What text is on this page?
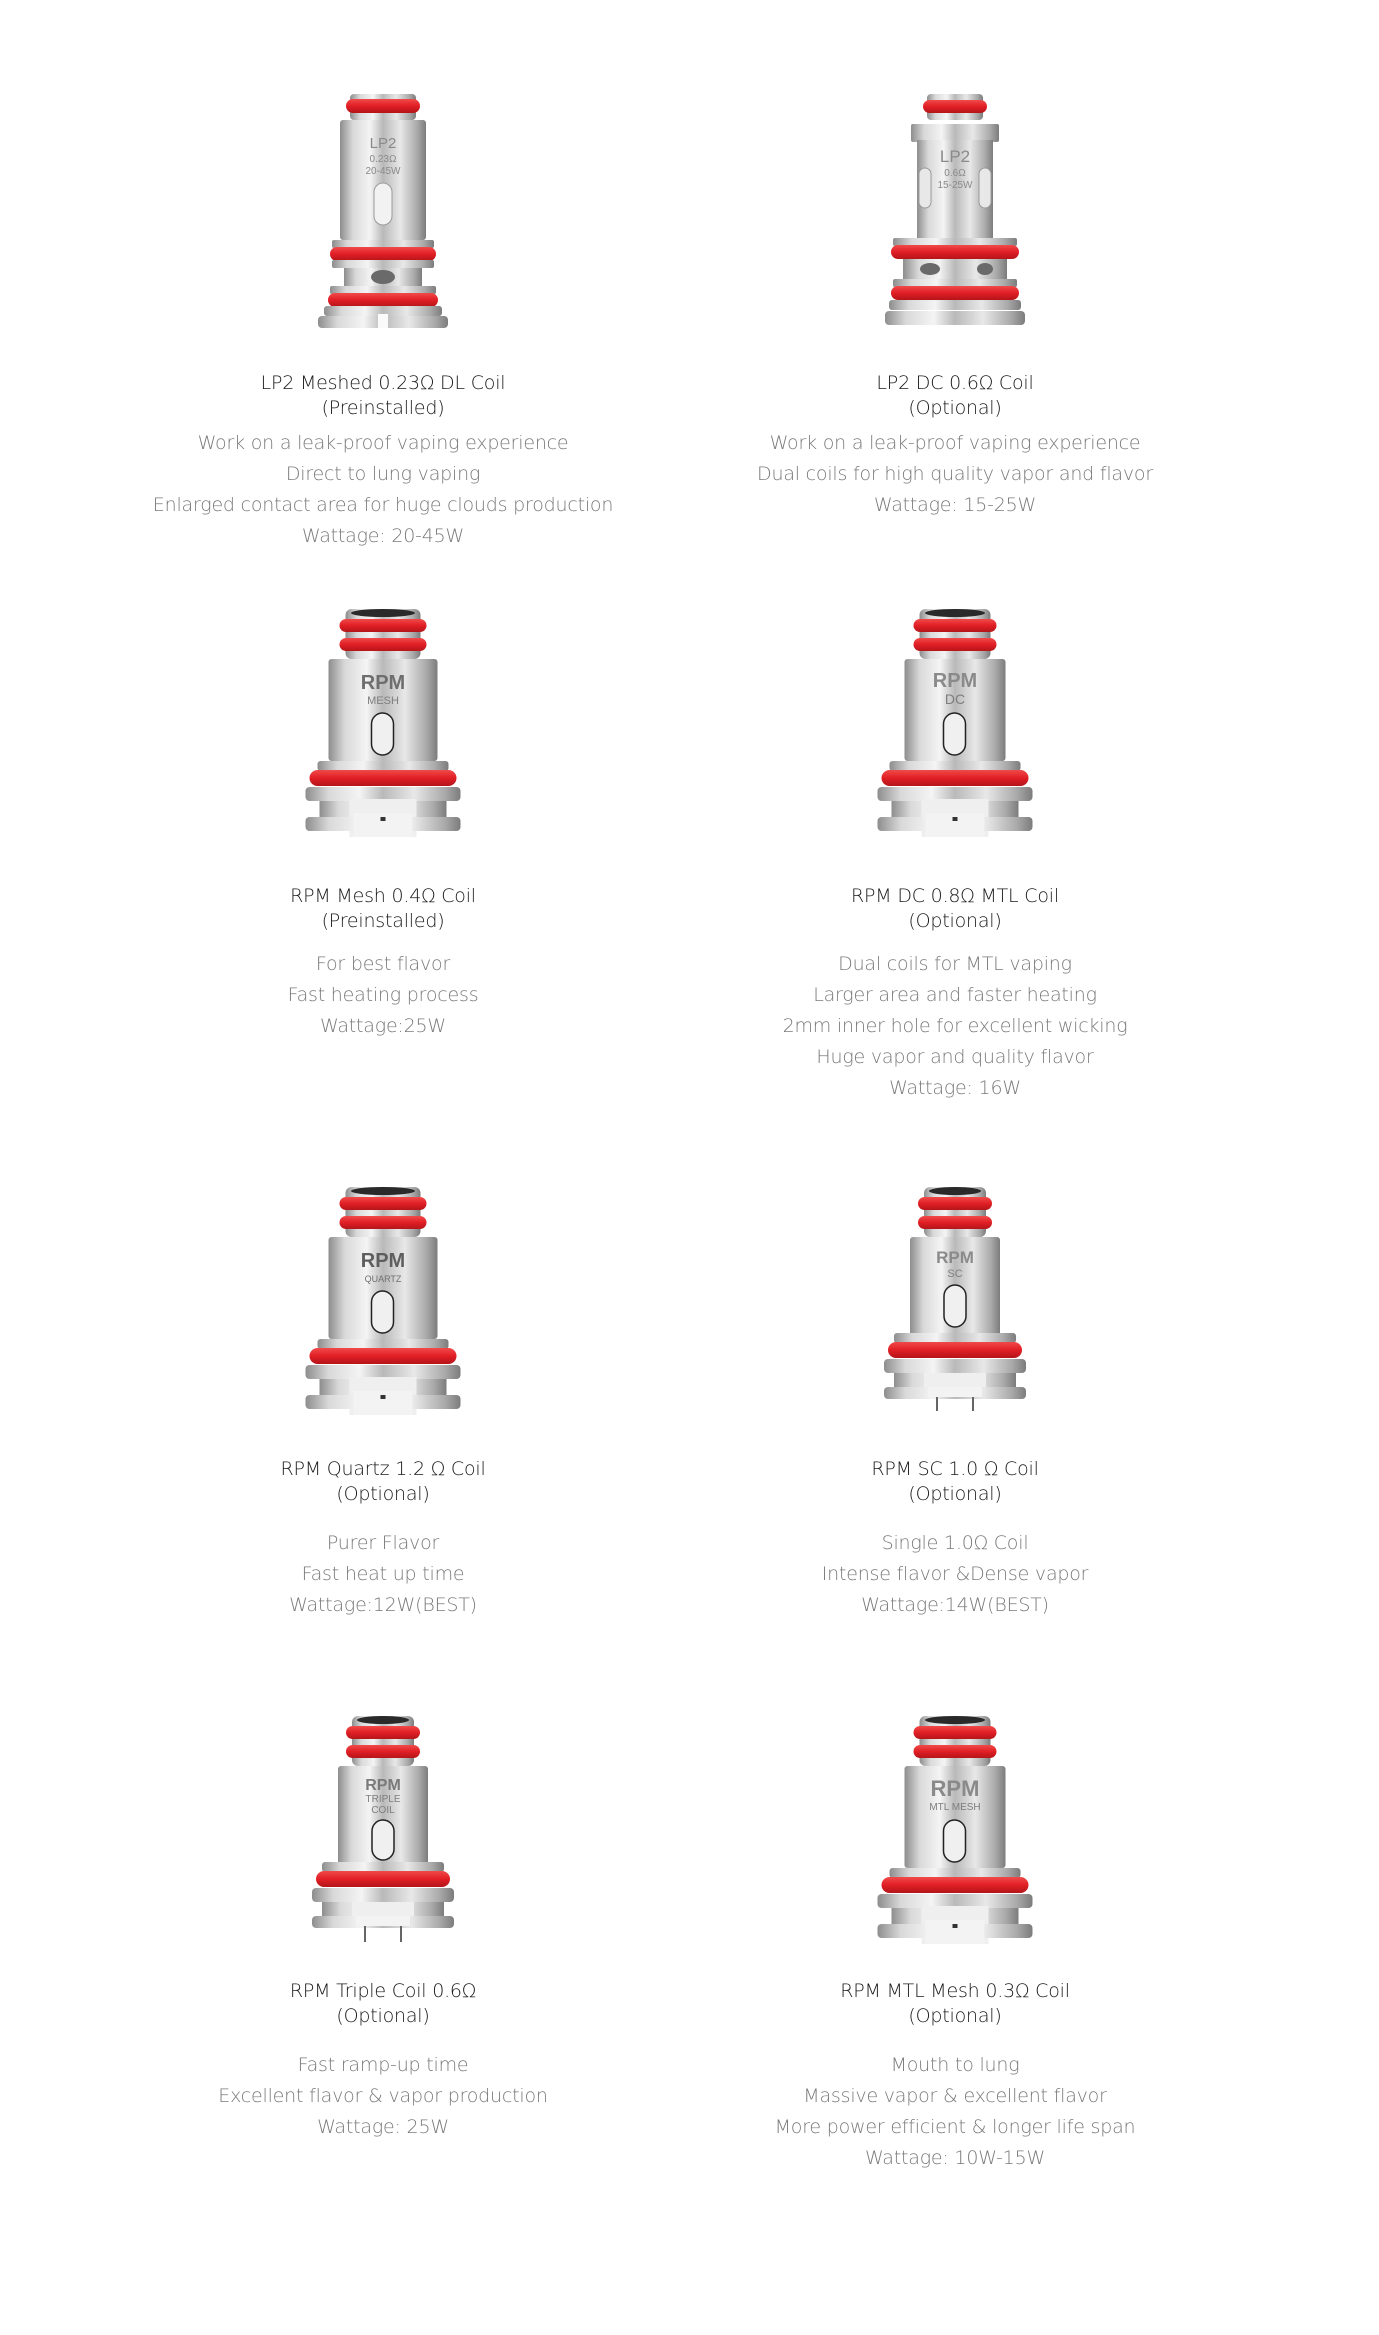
LP2
0.23Ω
20-45W
LP2 Meshed 0.23Ω DL Coil
(Preinstalled)
Work on a leak-proof vaping experience
Direct to lung vaping
Enlarged contact area for huge clouds production
Wattage: 20-45W
LP2
0.6Ω
15-25W
LP2 DC 0.6Ω Coil
(Optional)
Work on a leak-proof vaping experience
Dual coils for high quality vapor and flavor
Wattage: 15-25W
RPM
MESH
RPM Mesh 0.4Ω Coil
(Preinstalled)
For best flavor
Fast heating process
Wattage:25W
RPM
DC
RPM DC 0.8Ω MTL Coil
(Optional)
Dual coils for MTL vaping
Larger area and faster heating
2mm inner hole for excellent wicking
Huge vapor and quality flavor
Wattage: 16W
RPM
QUARTZ
RPM Quartz 1.2 Ω Coil
(Optional)
Purer Flavor
Fast heat up time
Wattage:12W(BEST)
RPM
SC
RPM SC 1.0 Ω Coil
(Optional)
Single 1.0Ω Coil
Intense flavor &Dense vapor
Wattage:14W(BEST)
RPM
TRIPLE
COIL
RPM Triple Coil 0.6Ω
(Optional)
Fast ramp-up time
Excellent flavor & vapor production
Wattage: 25W
RPM
MTL MESH
RPM MTL Mesh 0.3Ω Coil
(Optional)
Mouth to lung
Massive vapor & excellent flavor
More power efficient & longer life span
Wattage: 10W-15W
